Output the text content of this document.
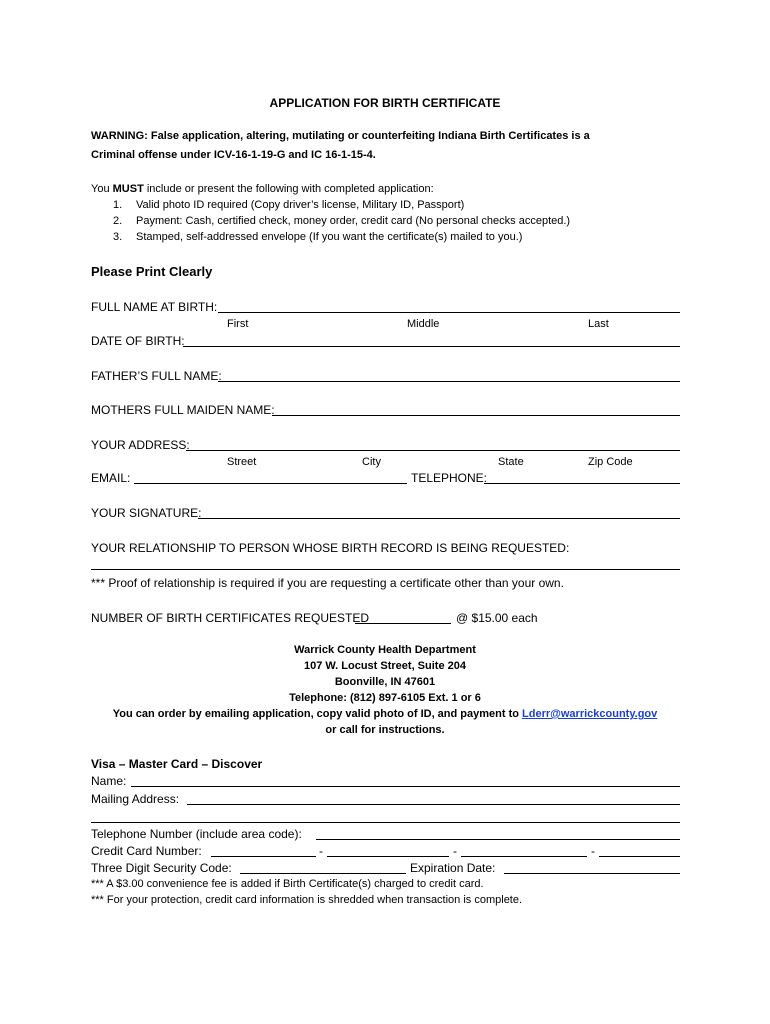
APPLICATION FOR BIRTH CERTIFICATE
WARNING: False application, altering, mutilating or counterfeiting Indiana Birth Certificates is a
Criminal offense under ICV-16-1-19-G and IC 16-1-15-4.
You MUST include or present the following with completed application:
1. Valid photo ID required (Copy driver’s license, Military ID, Passport)
2. Payment: Cash, certified check, money order, credit card (No personal checks accepted.)
3. Stamped, self-addressed envelope (If you want the certificate(s) mailed to you.)
Please Print Clearly
FULL NAME AT BIRTH:
First	Middle	Last
DATE OF BIRTH:
FATHER’S FULL NAME:
MOTHERS FULL MAIDEN NAME:
YOUR ADDRESS:
Street	City	State	Zip Code
EMAIL:	TELEPHONE:
YOUR SIGNATURE:
YOUR RELATIONSHIP TO PERSON WHOSE BIRTH RECORD IS BEING REQUESTED:
*** Proof of relationship is required if you are requesting a certificate other than your own.
NUMBER OF BIRTH CERTIFICATES REQUESTED	@ $15.00 each
Warrick County Health Department
107 W. Locust Street, Suite 204
Boonville, IN 47601
Telephone: (812) 897-6105 Ext. 1 or 6
You can order by emailing application, copy valid photo of ID, and payment to Lderr@warrickcounty.gov
or call for instructions.
Visa – Master Card – Discover
Name:
Mailing Address:
Telephone Number (include area code):
Credit Card Number:	-	-	-
Three Digit Security Code:	Expiration Date:
*** A $3.00 convenience fee is added if Birth Certificate(s) charged to credit card.
*** For your protection, credit card information is shredded when transaction is complete.
